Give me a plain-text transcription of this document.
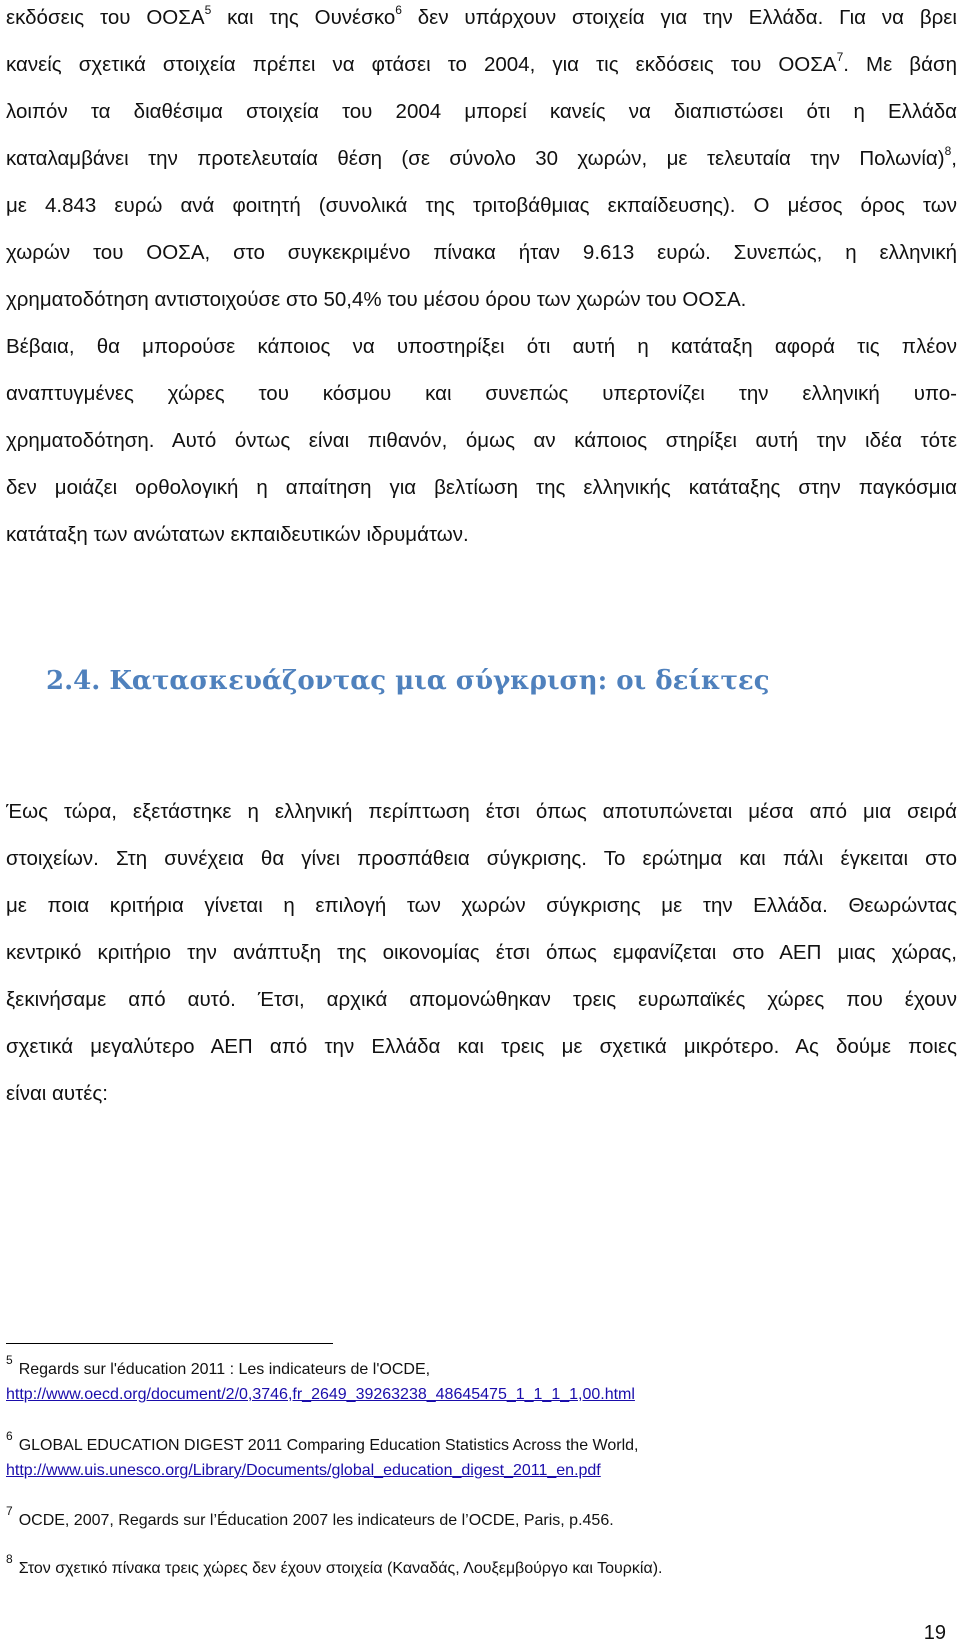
εκδόσεις του ΟΟΣΑ$^5$ και της Ουνέσκο$^6$ δεν υπάρχουν στοιχεία για την Ελλάδα. Για να βρει
κανείς σχετικά στοιχεία πρέπει να φτάσει το 2004, για τις εκδόσεις του ΟΟΣΑ$^7$. Με βάση
λοιπόν τα διαθέσιμα στοιχεία του 2004 μπορεί κανείς να διαπιστώσει ότι η Ελλάδα
καταλαμβάνει την προτελευταία θέση (σε σύνολο 30 χωρών, με τελευταία την Πολωνία)$^8$,
με 4.843 ευρώ ανά φοιτητή (συνολικά της τριτοβάθμιας εκπαίδευσης). Ο μέσος όρος των
χωρών του ΟΟΣΑ, στο συγκεκριμένο πίνακα ήταν 9.613 ευρώ. Συνεπώς, η ελληνική
χρηματοδότηση αντιστοιχούσε στο 50,4% του μέσου όρου των χωρών του ΟΟΣΑ.
Βέβαια, θα μπορούσε κάποιος να υποστηρίξει ότι αυτή η κατάταξη αφορά τις πλέον
αναπτυγμένες χώρες του κόσμου και συνεπώς υπερτονίζει την ελληνική υπο-
χρηματοδότηση. Αυτό όντως είναι πιθανόν, όμως αν κάποιος στηρίξει αυτή την ιδέα τότε
δεν μοιάζει ορθολογική η απαίτηση για βελτίωση της ελληνικής κατάταξης στην παγκόσμια
κατάταξη των ανώτατων εκπαιδευτικών ιδρυμάτων.
2.4. Κατασκευάζοντας μια σύγκριση: οι δείκτες
Έως τώρα, εξετάστηκε η ελληνική περίπτωση έτσι όπως αποτυπώνεται μέσα από μια σειρά
στοιχείων. Στη συνέχεια θα γίνει προσπάθεια σύγκρισης. Το ερώτημα και πάλι έγκειται στο
με ποια κριτήρια γίνεται η επιλογή των χωρών σύγκρισης με την Ελλάδα. Θεωρώντας
κεντρικό κριτήριο την ανάπτυξη της οικονομίας έτσι όπως εμφανίζεται στο ΑΕΠ μιας χώρας,
ξεκινήσαμε από αυτό. Έτσι, αρχικά απομονώθηκαν τρεις ευρωπαϊκές χώρες που έχουν
σχετικά μεγαλύτερο ΑΕΠ από την Ελλάδα και τρεις με σχετικά μικρότερο. Ας δούμε ποιες
είναι αυτές:
$^5$Regards sur l'éducation 2011 : Les indicateurs de l'OCDE,
http://www.oecd.org/document/2/0,3746,fr_2649_39263238_48645475_1_1_1_1,00.html
$^6$GLOBAL EDUCATION DIGEST 2011 Comparing Education Statistics Across the World,
http://www.uis.unesco.org/Library/Documents/global_education_digest_2011_en.pdf
$^7$OCDE, 2007, Regards sur l’Éducation 2007 les indicateurs de l’OCDE, Paris, p.456.
$^8$Στον σχετικό πίνακα τρεις χώρες δεν έχουν στοιχεία (Καναδάς, Λουξεμβούργο και Τουρκία).
19
